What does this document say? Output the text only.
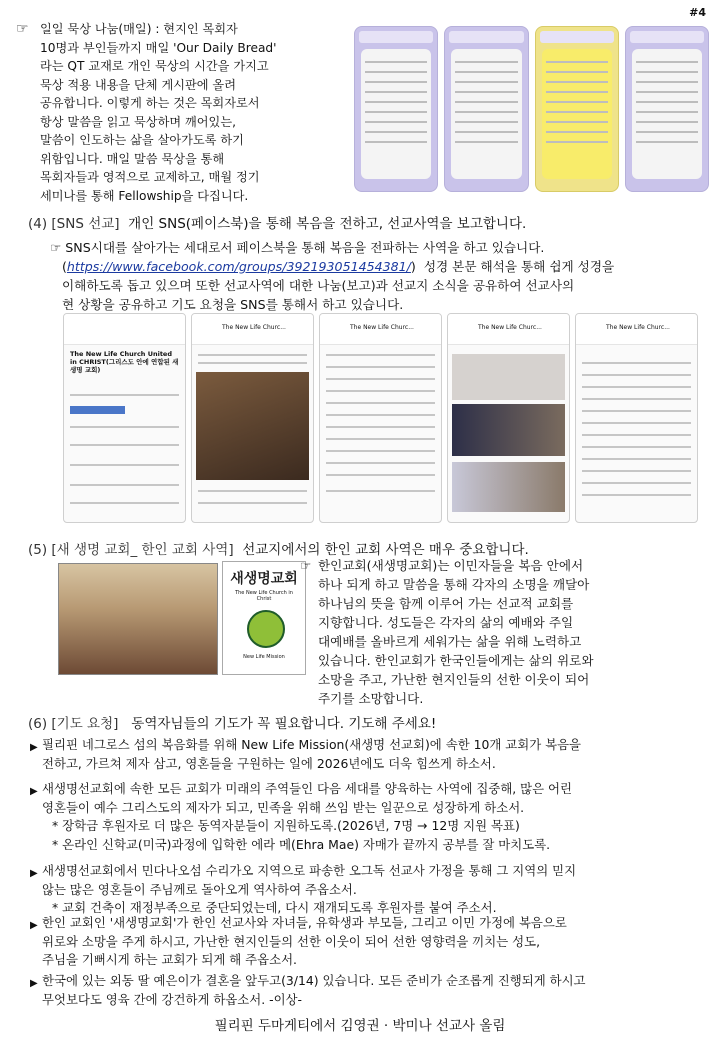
#4
☞ 일일 묵상 나눔(매일) : 현지인 목회자
10명과 부인들까지 매일 'Our Daily Bread'
라는 QT 교재로 개인 묵상의 시간을 가지고
묵상 적용 내용을 단체 게시판에 올려
공유합니다. 이렇게 하는 것은 목회자로서
항상 말씀을 읽고 묵상하며 깨어있는,
말씀이 인도하는 삶을 살아가도록 하기
위함입니다. 매일 말씀 묵상을 통해
목회자들과 영적으로 교제하고, 매월 정기
세미나를 통해 Fellowship을 다집니다.
(4) [SNS 선교] 개인 SNS(페이스북)을 통해 복음을 전하고, 선교사역을 보고합니다.
☞ SNS시대를 살아가는 세대로서 페이스북을 통해 복음을 전파하는 사역을 하고 있습니다.
(https://www.facebook.com/groups/392193051454381/)  성경 본문 해석을 통해 쉽게 성경을
이해하도록 돕고 있으며 또한 선교사역에 대한 나눔(보고)과 선교지 소식을 공유하여 선교사의
현 상황을 공유하고 기도 요청을 SNS를 통해서 하고 있습니다.
The New Life Church United in CHRIST(그리스도 안에 연합된 새생명 교회)
The New Life Churc...	The New Life Churc...	The New Life Churc...	The New Life Churc...
(5) [새 생명 교회_ 한인 교회 사역] 선교지에서의 한인 교회 사역은 매우 중요합니다.
새생명교회
The New Life Church in Christ
New Life Mission
☞ 한인교회(새생명교회)는 이민자들을 복음 안에서
하나 되게 하고 말씀을 통해 각자의 소명을 깨달아
하나님의 뜻을 함께 이루어 가는 선교적 교회를
지향합니다. 성도들은 각자의 삶의 예배와 주일
대예배를 올바르게 세워가는 삶을 위해 노력하고
있습니다. 한인교회가 한국인들에게는 삶의 위로와
소망을 주고, 가난한 현지인들의 선한 이웃이 되어
주기를 소망합니다.
(6) [기도 요청] 동역자님들의 기도가 꼭 필요합니다. 기도해 주세요!
▶ 필리핀 네그로스 섬의 복음화를 위해 New Life Mission(새생명 선교회)에 속한 10개 교회가 복음을
전하고, 가르쳐 제자 삼고, 영혼들을 구원하는 일에 2026년에도 더욱 힘쓰게 하소서.
▶ 새생명선교회에 속한 모든 교회가 미래의 주역들인 다음 세대를 양육하는 사역에 집중해, 많은 어린
영혼들이 예수 그리스도의 제자가 되고, 민족을 위해 쓰임 받는 일꾼으로 성장하게 하소서.
* 장학금 후원자로 더 많은 동역자분들이 지원하도록.(2026년, 7명 → 12명 지원 목표)
* 온라인 신학교(미국)과정에 입학한 에라 메(Ehra Mae) 자매가 끝까지 공부를 잘 마치도록.
▶ 새생명선교회에서 민다나오섬 수리가오 지역으로 파송한 오그독 선교사 가정을 통해 그 지역의 믿지
않는 많은 영혼들이 주님께로 돌아오게 역사하여 주옵소서.
* 교회 건축이 재정부족으로 중단되었는데, 다시 재개되도록 후원자를 붙여 주소서.
▶ 한인 교회인 '새생명교회'가 한인 선교사와 자녀들, 유학생과 부모들, 그리고 이민 가정에 복음으로
위로와 소망을 주게 하시고, 가난한 현지인들의 선한 이웃이 되어 선한 영향력을 끼치는 성도,
주님을 기뻐시게 하는 교회가 되게 해 주옵소서.
▶ 한국에 있는 외동 딸 예은이가 결혼을 앞두고(3/14) 있습니다. 모든 준비가 순조롭게 진행되게 하시고
무엇보다도 영육 간에 강건하게 하옵소서. -이상-
필리핀 두마게티에서 김영권 · 박미나 선교사 올림
